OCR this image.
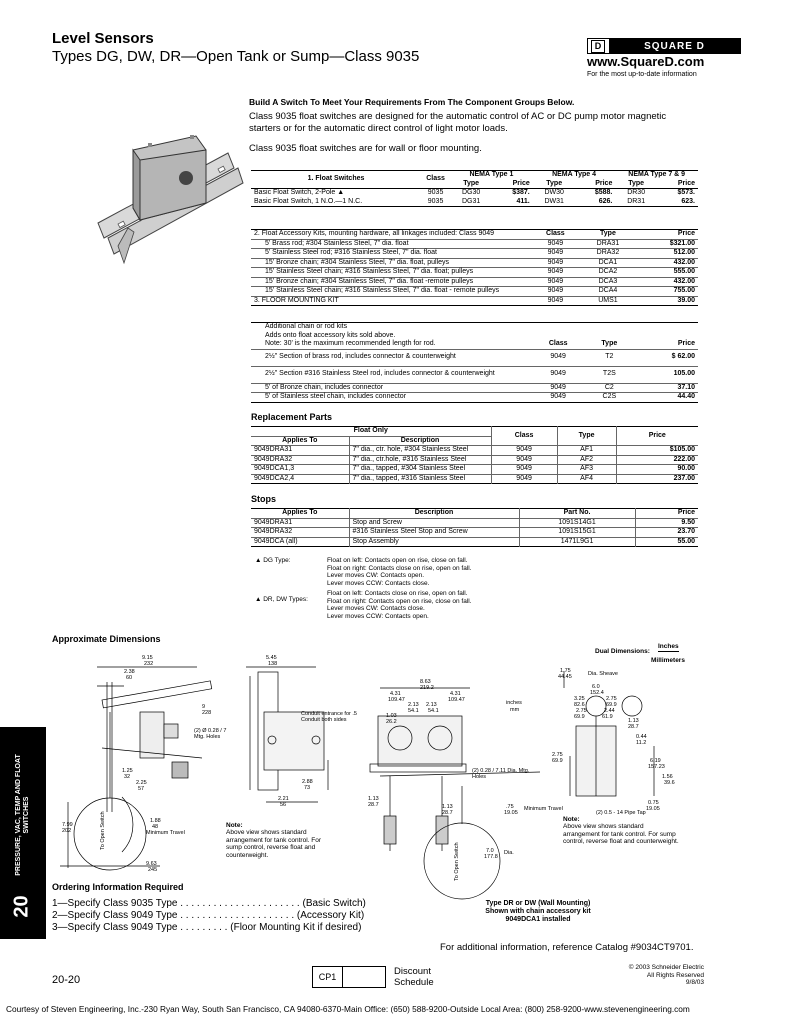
Level Sensors
Types DG, DW, DR—Open Tank or Sump—Class 9035
D	SQUARE D
www.SquareD.com
For the most up-to-date information
Build A Switch To Meet Your Requirements From The Component Groups Below.
Class 9035 float switches are designed for the automatic control of AC or DC pump motor magnetic starters or for the automatic direct control of light motor loads.
Class 9035 float switches are for wall or floor mounting.
1. Float Switches	Class	NEMA Type 1		NEMA Type 4		NEMA Type 7 & 9	
		Type	Price	Type	Price	Type	Price
Basic Float Switch, 2-Pole ▲	9035	DG30	$387.	DW30	$588.	DR30	$573.
Basic Float Switch, 1 N.O.—1 N.C.	9035	DG31	411.	DW31	626.	DR31	623.
2. Float Accessory Kits, mounting hardware, all linkages included: Class 9049	Class	Type	Price
5' Brass rod; #304 Stainless Steel, 7" dia. float	9049	DRA31	$321.00
5' Stainless Steel rod; #316 Stainless Steel, 7" dia. float	9049	DRA32	512.00
15' Bronze chain; #304 Stainless Steel, 7" dia. float, pulleys	9049	DCA1	432.00
15' Stainless Steel chain; #316 Stainless Steel, 7" dia. float; pulleys	9049	DCA2	555.00
15' Bronze chain; #304 Stainless Steel, 7" dia. float -remote pulleys	9049	DCA3	432.00
15' Stainless Steel chain; #316 Stainless Steel, 7" dia. float - remote pulleys	9049	DCA4	755.00
3. FLOOR MOUNTING KIT	9049	UMS1	39.00
Additional chain or rod kits			
Adds onto float accessory kits sold above.			
Note: 30' is the maximum recommended length for rod.	Class	Type	Price
2½" Section of brass rod, includes connector & counterweight	9049	T2	$ 62.00
2½" Section #316 Stainless Steel rod, includes connector & counterweight	9049	T2S	105.00
5' of Bronze chain, includes connector	9049	C2	37.10
5' of Stainless steel chain, includes connector	9049	C2S	44.40
Replacement Parts
Float Only		Class	Type	Price
Applies To	Description			
9049DRA31	7" dia., ctr. hole, #304 Stainless Steel	9049	AF1	$105.00
9049DRA32	7" dia., ctr.hole, #316 Stainless Steel	9049	AF2	222.00
9049DCA1,3	7" dia., tapped, #304 Stainless Steel	9049	AF3	90.00
9049DCA2,4	7" dia., tapped, #316 Stainless Steel	9049	AF4	237.00
Stops
Applies To	Description	Part No.	Price
9049DRA31	Stop and Screw	1091S14G1	9.50
9049DRA32	#316 Stainless Steel Stop and Screw	1091S15G1	23.70
9049DCA (all)	Stop Assembly	1471L9G1	55.00
▲ DG Type:	Float on left: Contacts open on rise, close on fall.
Float on right: Contacts close on rise, open on fall.
Lever moves CW: Contacts open.
Lever moves CCW: Contacts close.
▲ DR, DW Types:
Float on left: Contacts close on rise, open on fall.
Float on right: Contacts open on rise, close on fall.
Lever moves CW: Contacts close.
Lever moves CCW: Contacts open.
Approximate Dimensions
Dual Dimensions:
Inches
Millimeters
9.15
232
2.38
60
9
228
1.25
32
2.25
57
7.99
202
1.88
48
Minimum Travel
9.63
245
To Open Switch
(2) Ø 0.28 / 7 Mtg. Holes
5.45
138
2.88
73
2.21
56
Conduit entrance for .5 Conduit both sides
Note:
Above view shows standard arrangement for tank control. For sump control, reverse float and counterweight.
8.63
219.2
4.31
109.47
4.31
109.47
2.13
54.1
2.13
54.1
1.03
26.2
1.13
28.7	1.13
28.7
.75
19.05
7.0
177.8
Dia.
inches
mm
Minimum Travel
To Open Switch
(2) 0.28 / 7.11 Dia. Mtg. Holes
Type DR or DW (Wall Mounting)
Shown with chain accessory kit
9049DCA1 installed
1.75
44.45	Dia. Sheave
6.0
152.4
3.25
82.6
2.75
69.9
2.75
69.9
2.44
61.9
1.13
28.7
0.44
11.2
2.75
69.9	6.19
157.23
1.56
39.6
0.75
19.05
(2) 0.5 - 14 Pipe Tap
Note:
Above view shows standard arrangement for tank control. For sump control, reverse float and counterweight.
PRESSURE, VAC, TEMP AND FLOAT SWITCHES
20
Ordering Information Required
1—Specify Class 9035 Type . . . . . . . . . . . . . . . . . . . . . . (Basic Switch)
2—Specify Class 9049 Type . . . . . . . . . . . . . . . . . . . . . (Accessory Kit)
3—Specify Class 9049 Type . . . . . . . . . (Floor Mounting Kit if desired)
For additional information, reference Catalog #9034CT9701.
20-20	CP1	Discount
Schedule
© 2003 Schneider Electric
All Rights Reserved
9/8/03
Courtesy of Steven Engineering, Inc.-230 Ryan Way, South San Francisco, CA 94080-6370-Main Office: (650) 588-9200-Outside Local Area: (800) 258-9200-www.stevenengineering.com
